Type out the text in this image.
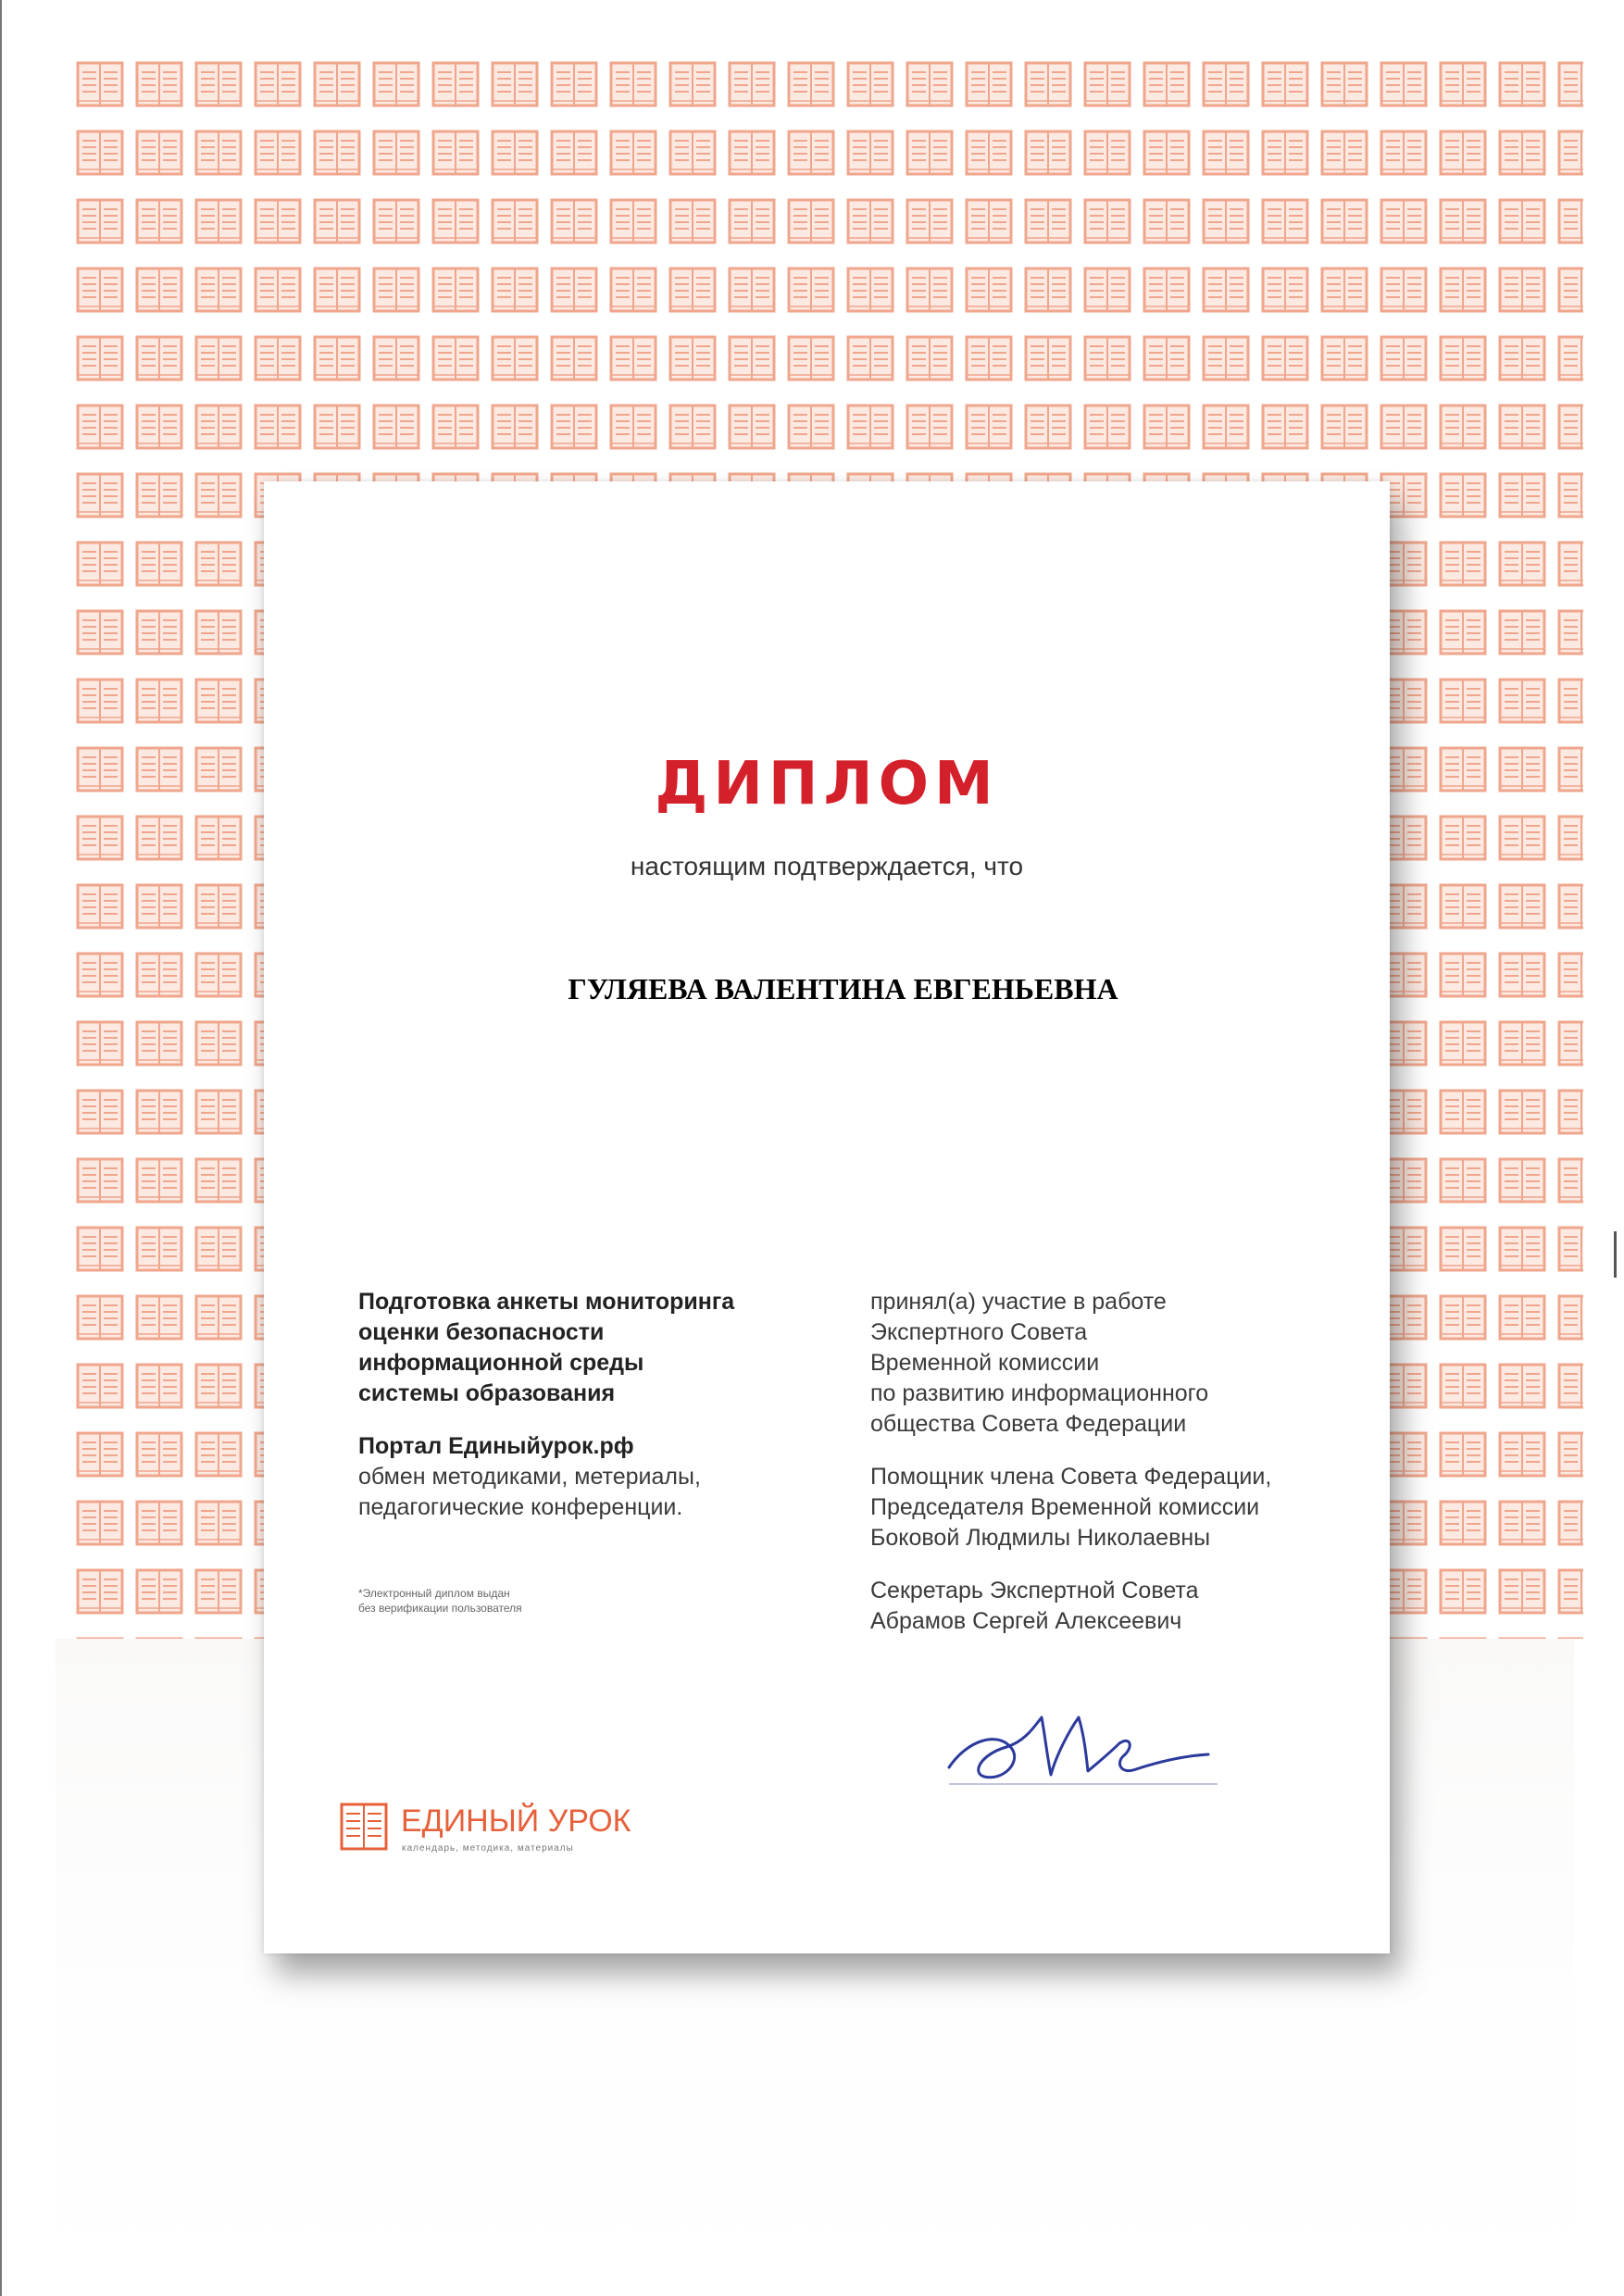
ДИПЛОМ
настоящим подтверждается, что
ГУЛЯЕВА ВАЛЕНТИНА ЕВГЕНЬЕВНА
Подготовка анкеты мониторинга
оценки безопасности
информационной среды
системы образования
Портал Единыйурок.рф
обмен методиками, метериалы,
педагогические конференции.
*Электронный диплом выдан
без верификации пользователя
принял(а) участие в работе
Экспертного Совета
Временной комиссии
по развитию информационного
общества Совета Федерации
Помощник члена Совета Федерации,
Председателя Временной комиссии
Боковой Людмилы Николаевны
Секретарь Экспертной Совета
Абрамов Сергей Алексеевич
ЕДИНЫЙ УРОК
календарь, методика, материалы
